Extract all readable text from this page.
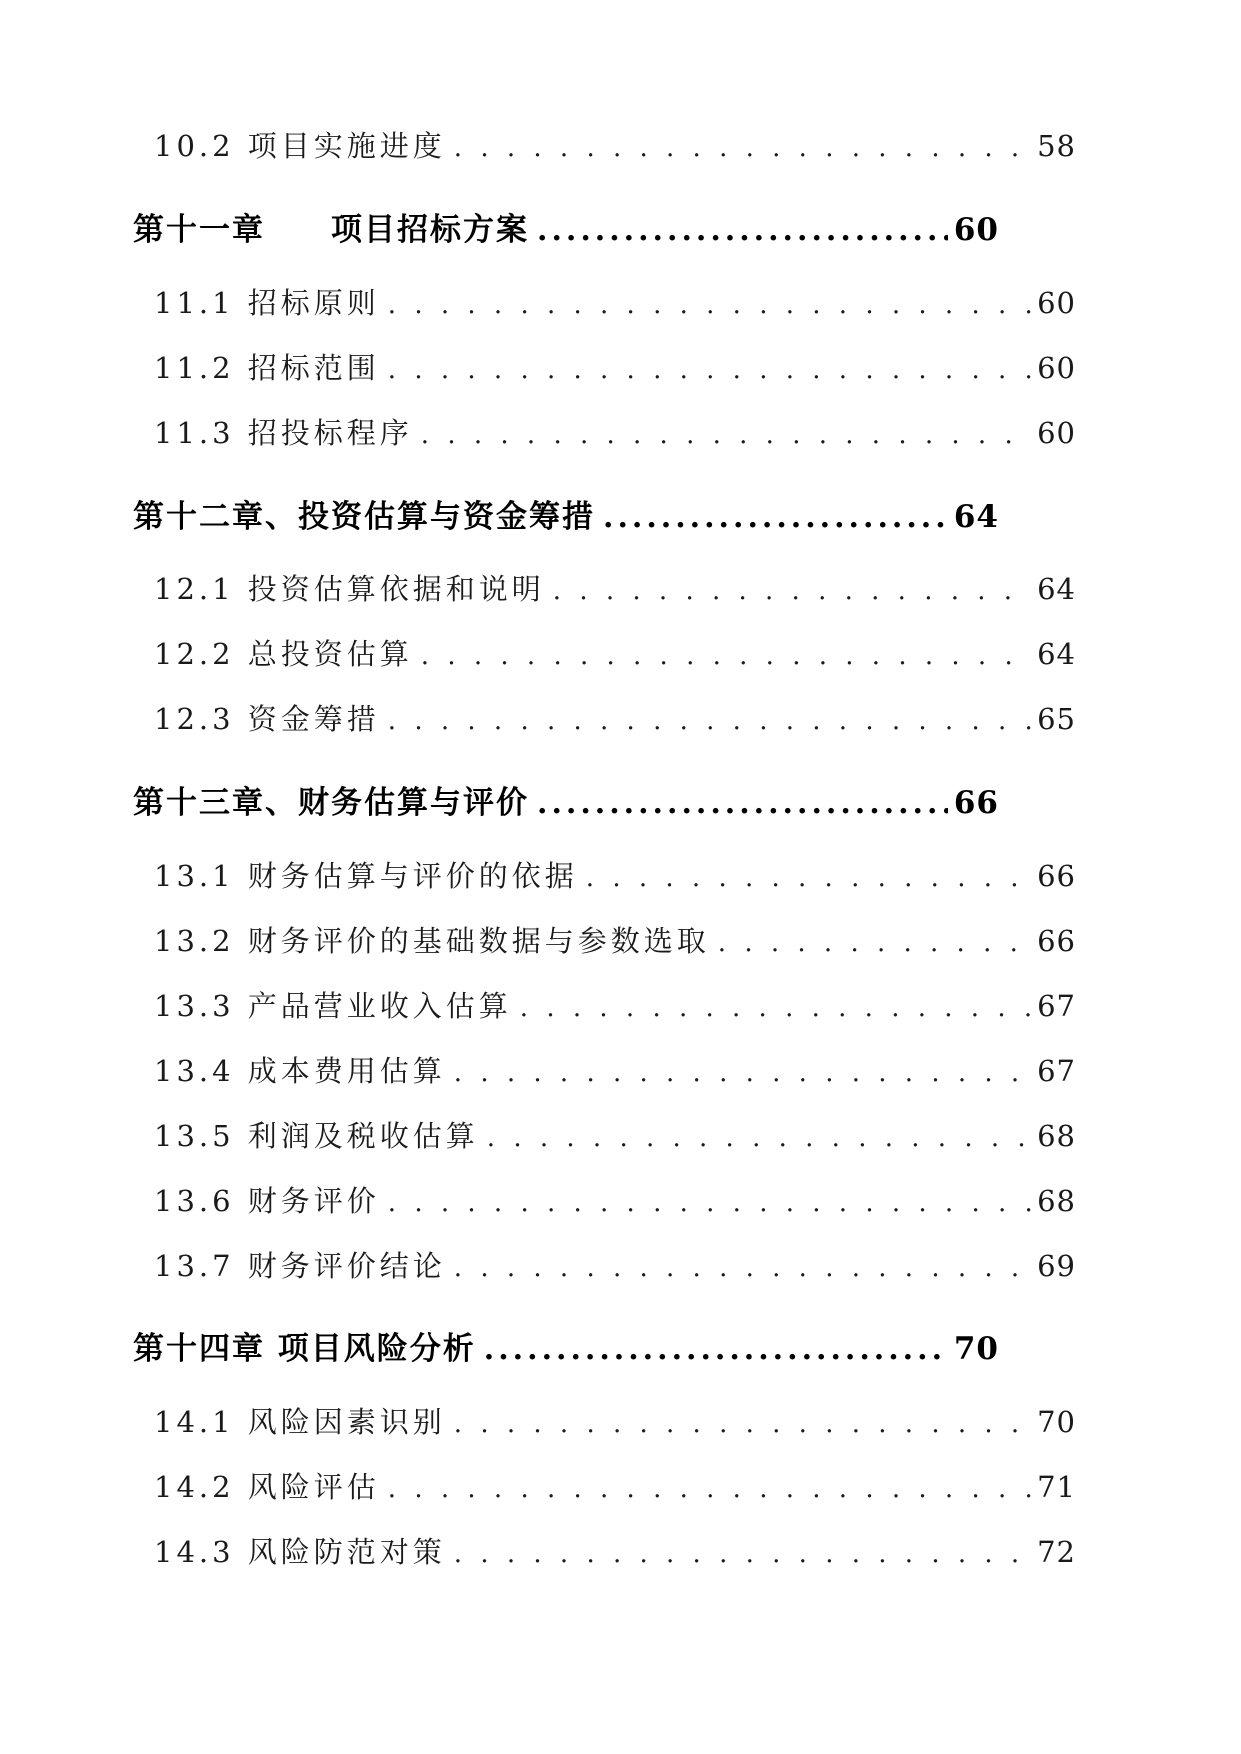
10.2 项目实施进度 . . .	58
第十一章　　项目招标方案 .....	60
11.1 招标原则 . . .	60
11.2 招标范围 . . .	60
11.3 招投标程序 . . .	60
第十二章、投资估算与资金筹措 .....	64
12.1 投资估算依据和说明 . . .	64
12.2 总投资估算 . . .	64
12.3 资金筹措 . . .	65
第十三章、财务估算与评价 .....	66
13.1 财务估算与评价的依据 . . .	66
13.2 财务评价的基础数据与参数选取 . . .	66
13.3 产品营业收入估算 . . .	67
13.4 成本费用估算 . . .	67
13.5 利润及税收估算 . . .	68
13.6 财务评价 . . .	68
13.7 财务评价结论 . . .	69
第十四章 项目风险分析 .....	70
14.1 风险因素识别 . . .	70
14.2 风险评估 . . .	71
14.3 风险防范对策 . . .	72
